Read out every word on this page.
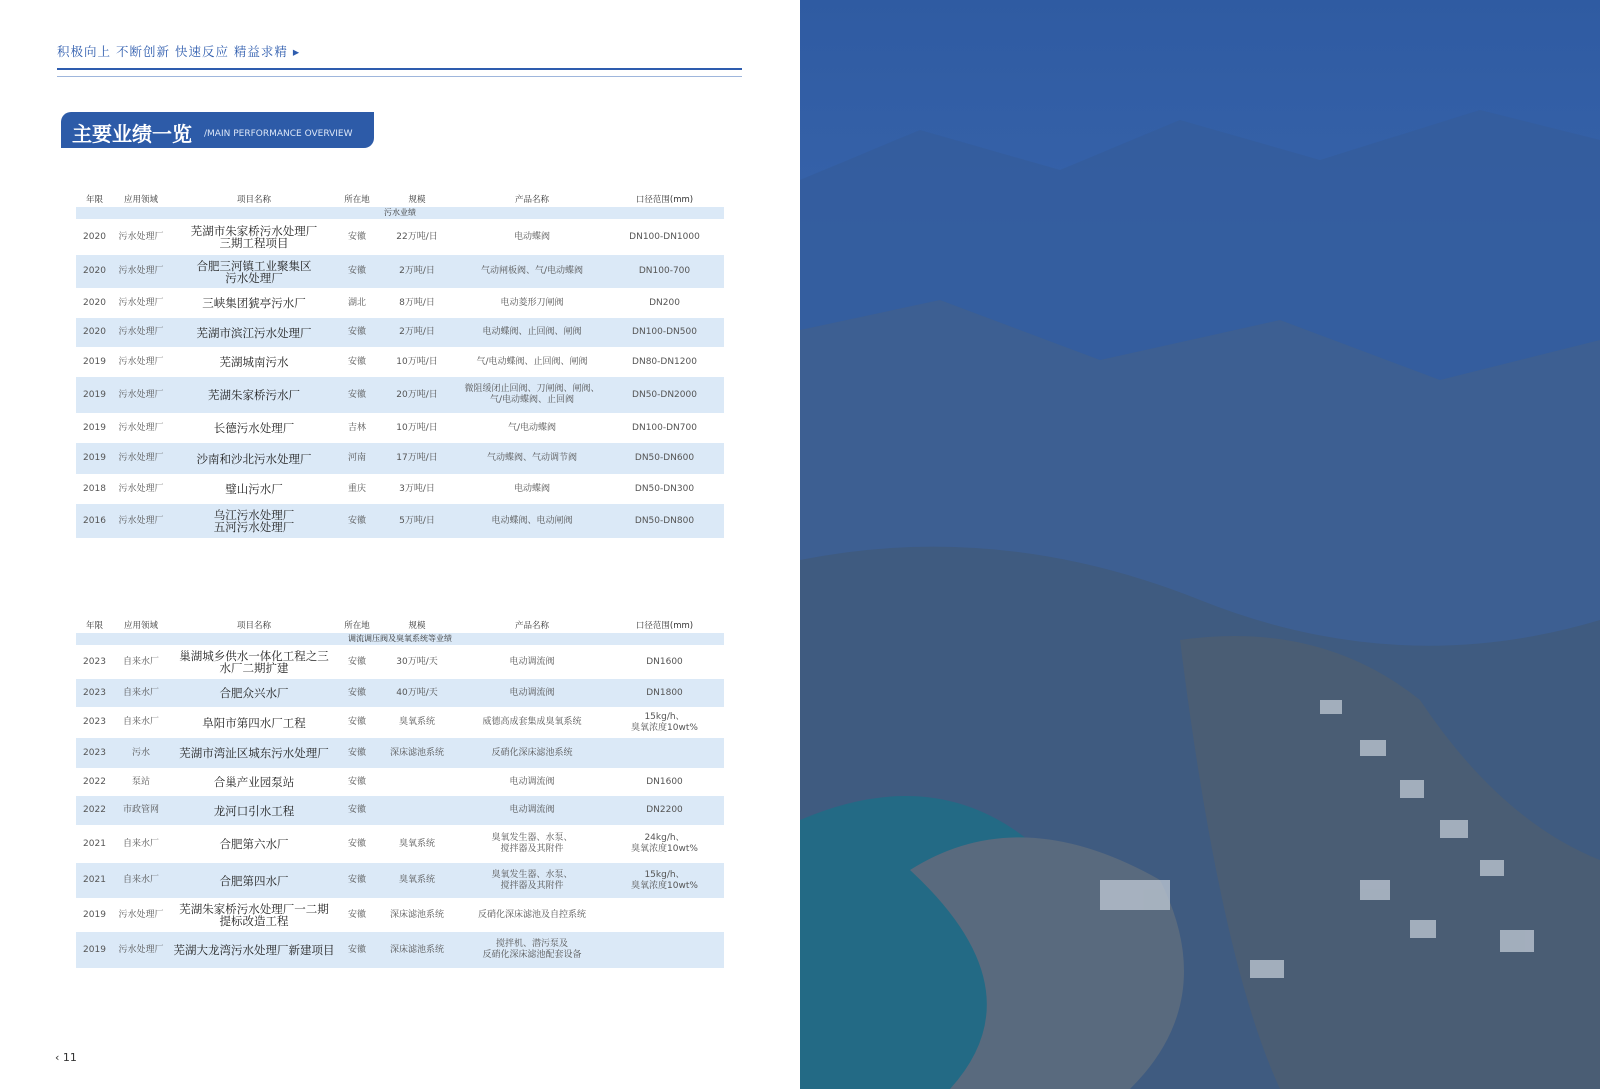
积极向上 不断创新 快速反应 精益求精 ▸
主要业绩一览 /MAIN PERFORMANCE OVERVIEW
年限	应用领域	项目名称	所在地	规模	产品名称	口径范围(mm)
污水业绩						
2020	污水处理厂	芜湖市朱家桥污水处理厂
三期工程项目	安徽	22万吨/日	电动蝶阀	DN100-DN1000
2020	污水处理厂	合肥三河镇工业聚集区
污水处理厂	安徽	2万吨/日	气动闸板阀、气/电动蝶阀	DN100-700
2020	污水处理厂	三峡集团猇亭污水厂	湖北	8万吨/日	电动菱形刀闸阀	DN200
2020	污水处理厂	芜湖市滨江污水处理厂	安徽	2万吨/日	电动蝶阀、止回阀、闸阀	DN100-DN500
2019	污水处理厂	芜湖城南污水	安徽	10万吨/日	气/电动蝶阀、止回阀、闸阀	DN80-DN1200
2019	污水处理厂	芜湖朱家桥污水厂	安徽	20万吨/日	微阻缓闭止回阀、刀闸阀、闸阀、
气/电动蝶阀、止回阀	DN50-DN2000
2019	污水处理厂	长德污水处理厂	吉林	10万吨/日	气/电动蝶阀	DN100-DN700
2019	污水处理厂	沙南和沙北污水处理厂	河南	17万吨/日	气动蝶阀、气动调节阀	DN50-DN600
2018	污水处理厂	璧山污水厂	重庆	3万吨/日	电动蝶阀	DN50-DN300
2016	污水处理厂	乌江污水处理厂
五河污水处理厂	安徽	5万吨/日	电动蝶阀、电动闸阀	DN50-DN800
年限	应用领域	项目名称	所在地	规模	产品名称	口径范围(mm)
调流调压阀及臭氧系统等业绩						
2023	自来水厂	巢湖城乡供水一体化工程之三
水厂二期扩建	安徽	30万吨/天	电动调流阀	DN1600
2023	自来水厂	合肥众兴水厂	安徽	40万吨/天	电动调流阀	DN1800
2023	自来水厂	阜阳市第四水厂工程	安徽	臭氧系统	威德高成套集成臭氧系统	15kg/h、
臭氧浓度10wt%
2023	污水	芜湖市湾沚区城东污水处理厂	安徽	深床滤池系统	反硝化深床滤池系统	
2022	泵站	合巢产业园泵站	安徽		电动调流阀	DN1600
2022	市政管网	龙河口引水工程	安徽		电动调流阀	DN2200
2021	自来水厂	合肥第六水厂	安徽	臭氧系统	臭氧发生器、水泵、
搅拌器及其附件	24kg/h、
臭氧浓度10wt%
2021	自来水厂	合肥第四水厂	安徽	臭氧系统	臭氧发生器、水泵、
搅拌器及其附件	15kg/h、
臭氧浓度10wt%
2019	污水处理厂	芜湖朱家桥污水处理厂一二期
提标改造工程	安徽	深床滤池系统	反硝化深床滤池及自控系统	
2019	污水处理厂	芜湖大龙湾污水处理厂新建项目	安徽	深床滤池系统	搅拌机、潜污泵及
反硝化深床滤池配套设备	
‹ 11
